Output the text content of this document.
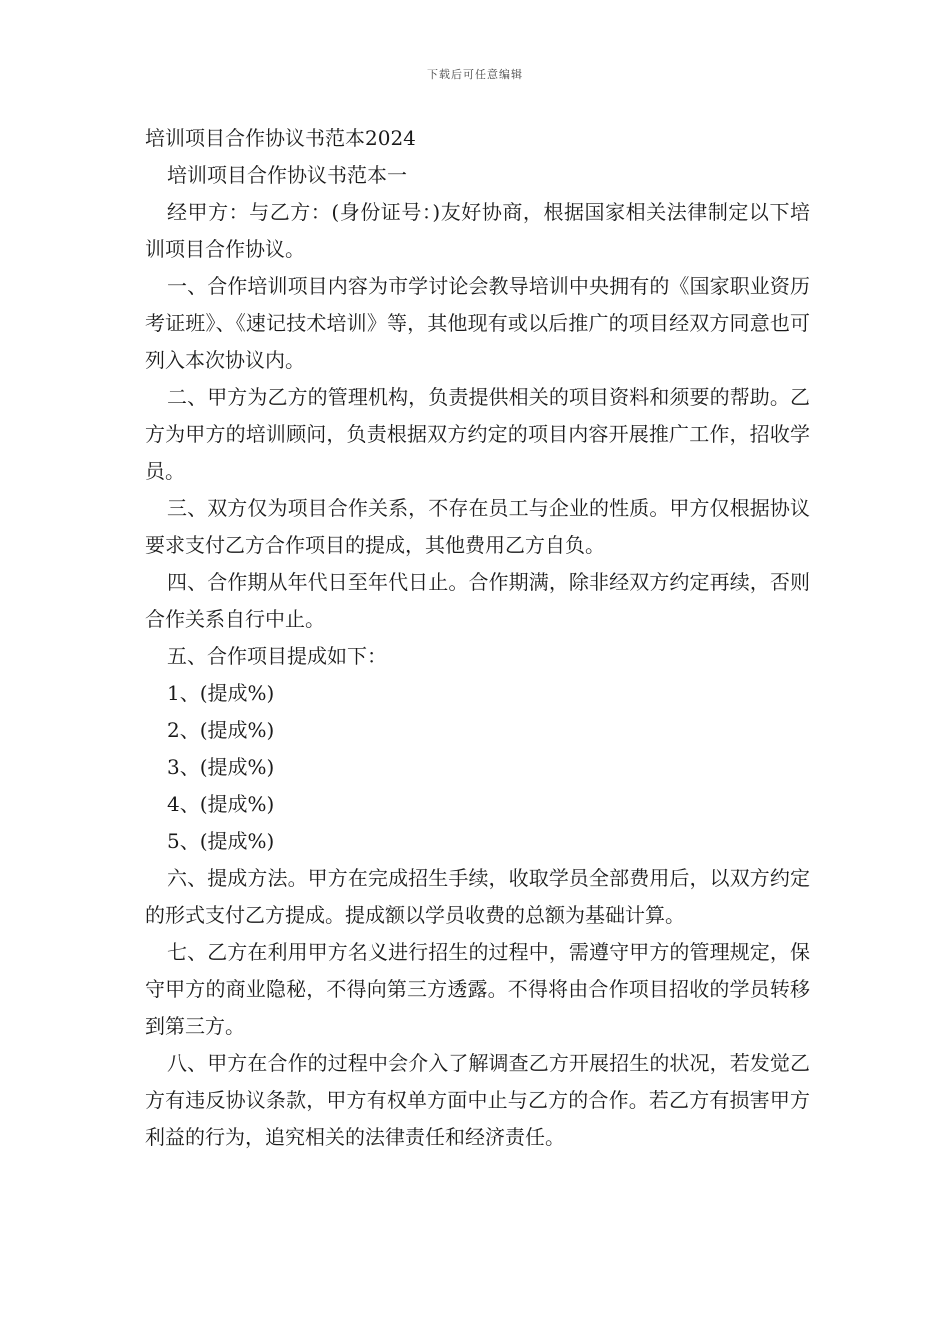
下载后可任意编辑
培训项目合作协议书范本2024

培训项目合作协议书范本一

经甲方：与乙方：(身份证号：)友好协商，根据国家相关法律制定以下培训项目合作协议。

一、合作培训项目内容为市学讨论会教导培训中央拥有的《国家职业资历考证班》、《速记技术培训》等，其他现有或以后推广的项目经双方同意也可列入本次协议内。

二、甲方为乙方的管理机构，负责提供相关的项目资料和须要的帮助。乙方为甲方的培训顾问，负责根据双方约定的项目内容开展推广工作，招收学员。

三、双方仅为项目合作关系，不存在员工与企业的性质。甲方仅根据协议要求支付乙方合作项目的提成，其他费用乙方自负。

四、合作期从年代日至年代日止。合作期满，除非经双方约定再续，否则合作关系自行中止。

五、合作项目提成如下：

1、(提成%)

2、(提成%)

3、(提成%)

4、(提成%)

5、(提成%)

六、提成方法。甲方在完成招生手续，收取学员全部费用后，以双方约定的形式支付乙方提成。提成额以学员收费的总额为基础计算。

七、乙方在利用甲方名义进行招生的过程中，需遵守甲方的管理规定，保守甲方的商业隐秘，不得向第三方透露。不得将由合作项目招收的学员转移到第三方。

八、甲方在合作的过程中会介入了解调查乙方开展招生的状况，若发觉乙方有违反协议条款，甲方有权单方面中止与乙方的合作。若乙方有损害甲方利益的行为，追究相关的法律责任和经济责任。
